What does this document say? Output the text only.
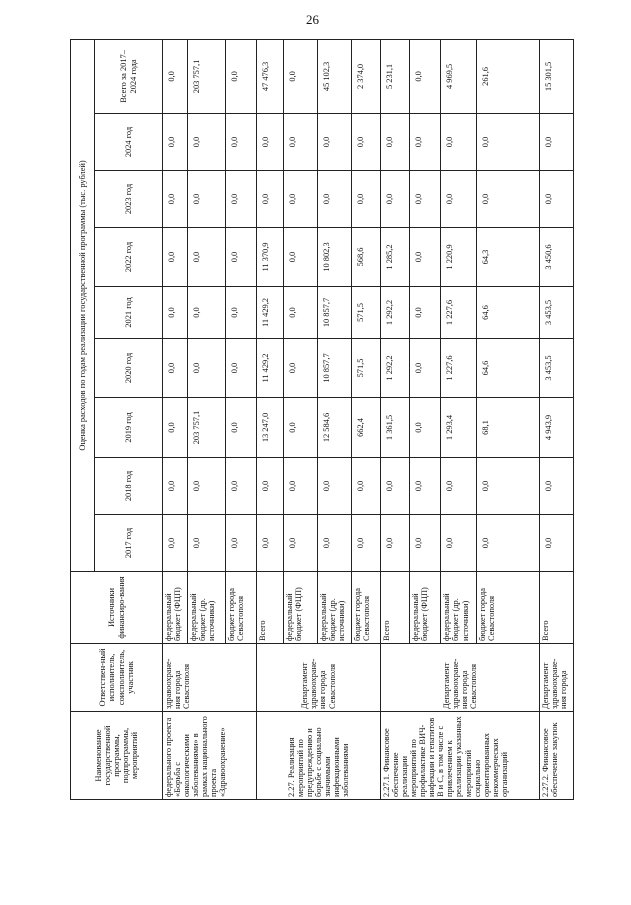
26
Наименование государственной программы, подпрограммы, мероприятий	Ответствен-ный исполнитель, соисполнитель, участник	Источники финансиро-вания	Оценка расходов по годам реализации государственной программы (тыс. рублей)								
			2017 год	2018 год	2019 год	2020 год	2021 год	2022 год	2023 год	2024 год	Всего за 2017–2024 года
федерального проекта «Борьба с онкологическими заболеваниями» в рамках национального проекта «Здравоохранение»	здравоохране-ния города Севастополя	федеральный бюджет (ФЦП)	0,0	0,0	0,0	0,0	0,0	0,0	0,0	0,0	0,0
		федеральный бюджет (др. источники)	0,0	0,0	203 757,1	0,0	0,0	0,0	0,0	0,0	203 757,1
		бюджет города Севастополя	0,0	0,0	0,0	0,0	0,0	0,0	0,0	0,0	0,0
2.27. Реализация мероприятий по предупреждению и борьбе с социально значимыми инфекционными заболеваниями	Департамент здравоохране-ния города Севастополя	Всего	0,0	0,0	13 247,0	11 429,2	11 429,2	11 370,9	0,0	0,0	47 476,3
		федеральный бюджет (ФЦП)	0,0	0,0	0,0	0,0	0,0	0,0	0,0	0,0	0,0
		федеральный бюджет (др. источники)	0,0	0,0	12 584,6	10 857,7	10 857,7	10 802,3	0,0	0,0	45 102,3
		бюджет города Севастополя	0,0	0,0	662,4	571,5	571,5	568,6	0,0	0,0	2 374,0
2.27.1. Финансовое обеспечение реализации мероприятий по профилактике ВИЧ-инфекции и гепатитов B и C, в том числе с привлечением к реализации указанных мероприятий социально ориентированных некоммерческих организаций	Департамент здравоохране-ния города Севастополя	Всего	0,0	0,0	1 361,5	1 292,2	1 292,2	1 285,2	0,0	0,0	5 231,1
		федеральный бюджет (ФЦП)	0,0	0,0	0,0	0,0	0,0	0,0	0,0	0,0	0,0
		федеральный бюджет (др. источники)	0,0	0,0	1 293,4	1 227,6	1 227,6	1 220,9	0,0	0,0	4 969,5
		бюджет города Севастополя	0,0	0,0	68,1	64,6	64,6	64,3	0,0	0,0	261,6
2.27.2. Финансовое обеспечение закупок	Департамент здравоохране-ния города	Всего	0,0	0,0	4 943,9	3 453,5	3 453,5	3 450,6	0,0	0,0	15 301,5
